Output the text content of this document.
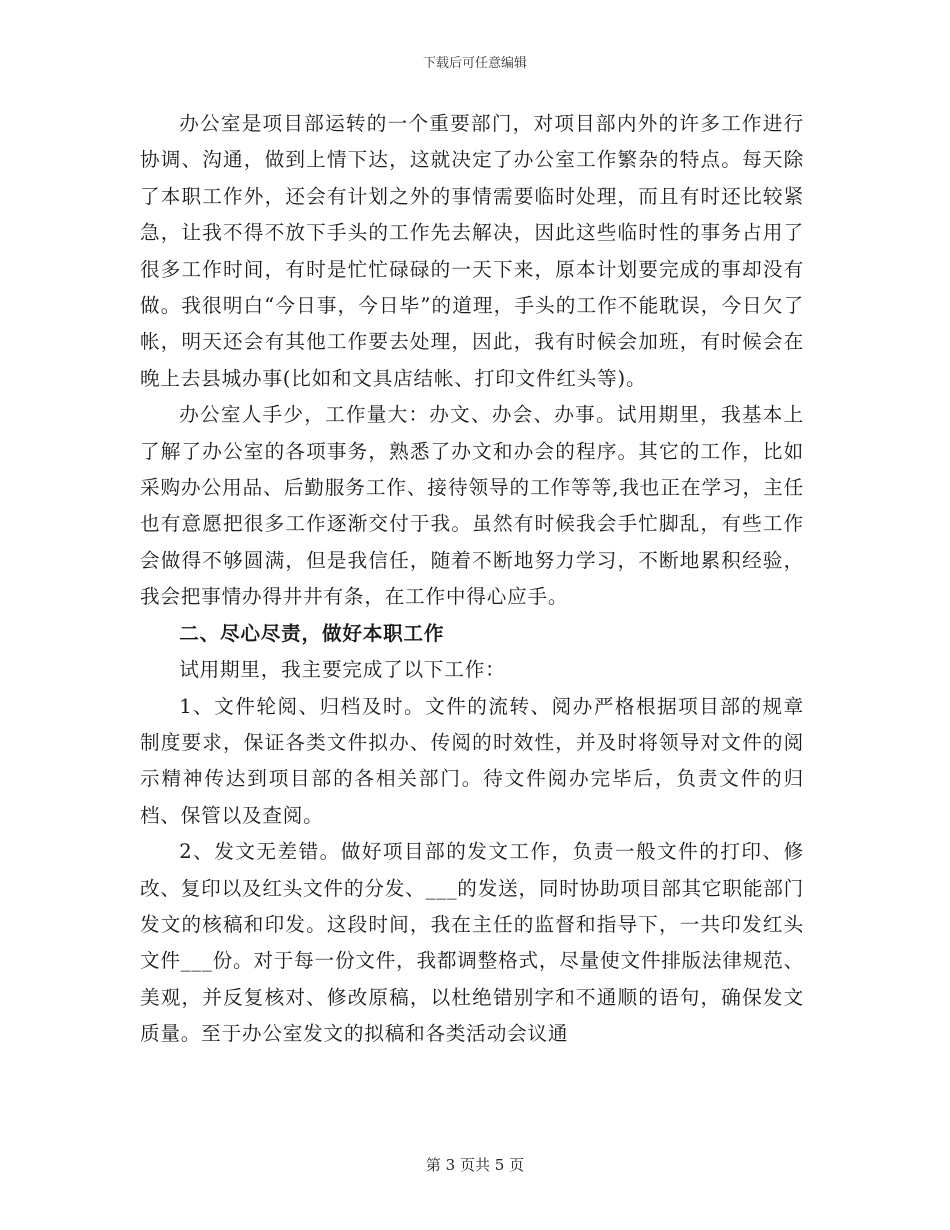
下载后可任意编辑

办公室是项目部运转的一个重要部门，对项目部内外的许多工作进行协调、沟通，做到上情下达，这就决定了办公室工作繁杂的特点。每天除了本职工作外，还会有计划之外的事情需要临时处理，而且有时还比较紧急，让我不得不放下手头的工作先去解决，因此这些临时性的事务占用了很多工作时间，有时是忙忙碌碌的一天下来，原本计划要完成的事却没有做。我很明白“今日事，今日毕”的道理，手头的工作不能耽误，今日欠了帐，明天还会有其他工作要去处理，因此，我有时候会加班，有时候会在晚上去县城办事(比如和文具店结帐、打印文件红头等)。

办公室人手少，工作量大：办文、办会、办事。试用期里，我基本上了解了办公室的各项事务，熟悉了办文和办会的程序。其它的工作，比如采购办公用品、后勤服务工作、接待领导的工作等等,我也正在学习，主任也有意愿把很多工作逐渐交付于我。虽然有时候我会手忙脚乱，有些工作会做得不够圆满，但是我信任，随着不断地努力学习，不断地累积经验，我会把事情办得井井有条，在工作中得心应手。

二、尽心尽责，做好本职工作

试用期里，我主要完成了以下工作：

1、文件轮阅、归档及时。文件的流转、阅办严格根据项目部的规章制度要求，保证各类文件拟办、传阅的时效性，并及时将领导对文件的阅示精神传达到项目部的各相关部门。待文件阅办完毕后，负责文件的归档、保管以及查阅。

2、发文无差错。做好项目部的发文工作，负责一般文件的打印、修改、复印以及红头文件的分发、___的发送，同时协助项目部其它职能部门发文的核稿和印发。这段时间，我在主任的监督和指导下，一共印发红头文件___份。对于每一份文件，我都调整格式，尽量使文件排版法律规范、美观，并反复核对、修改原稿，以杜绝错别字和不通顺的语句，确保发文质量。至于办公室发文的拟稿和各类活动会议通

第 3 页共 5 页
